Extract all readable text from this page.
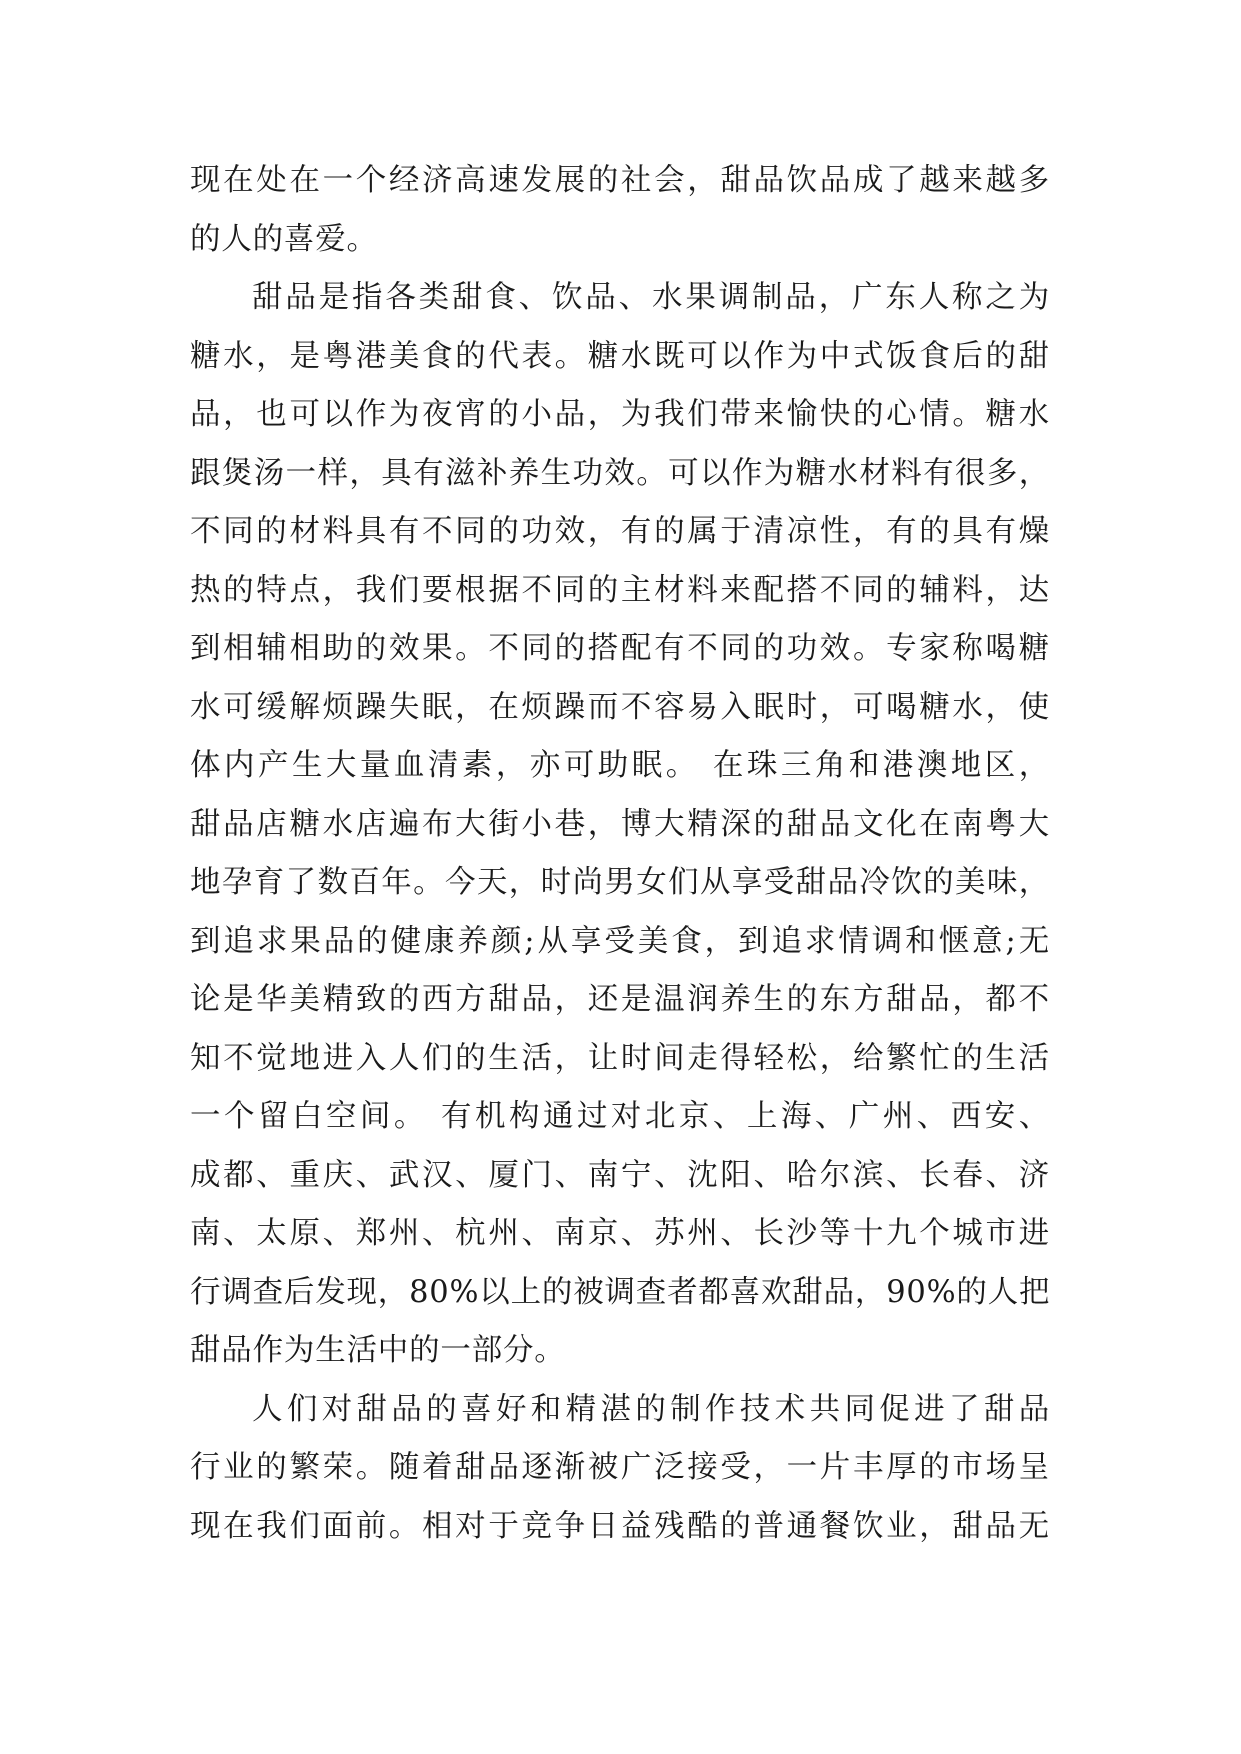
现在处在一个经济高速发展的社会，甜品饮品成了越来越多
的人的喜爱。

甜品是指各类甜食、饮品、水果调制品，广东人称之为
糖水，是粤港美食的代表。糖水既可以作为中式饭食后的甜
品，也可以作为夜宵的小品，为我们带来愉快的心情。糖水
跟煲汤一样，具有滋补养生功效。可以作为糖水材料有很多，
不同的材料具有不同的功效，有的属于清凉性，有的具有燥
热的特点，我们要根据不同的主材料来配搭不同的辅料，达
到相辅相助的效果。不同的搭配有不同的功效。专家称喝糖
水可缓解烦躁失眠，在烦躁而不容易入眠时，可喝糖水，使
体内产生大量血清素，亦可助眠。 在珠三角和港澳地区，
甜品店糖水店遍布大街小巷，博大精深的甜品文化在南粤大
地孕育了数百年。今天，时尚男女们从享受甜品冷饮的美味，
到追求果品的健康养颜;从享受美食，到追求情调和惬意;无
论是华美精致的西方甜品，还是温润养生的东方甜品，都不
知不觉地进入人们的生活，让时间走得轻松，给繁忙的生活
一个留白空间。 有机构通过对北京、上海、广州、西安、
成都、重庆、武汉、厦门、南宁、沈阳、哈尔滨、长春、济
南、太原、郑州、杭州、南京、苏州、长沙等十九个城市进
行调查后发现，80%以上的被调查者都喜欢甜品，90%的人把
甜品作为生活中的一部分。

人们对甜品的喜好和精湛的制作技术共同促进了甜品
行业的繁荣。随着甜品逐渐被广泛接受，一片丰厚的市场呈
现在我们面前。相对于竞争日益残酷的普通餐饮业，甜品无
